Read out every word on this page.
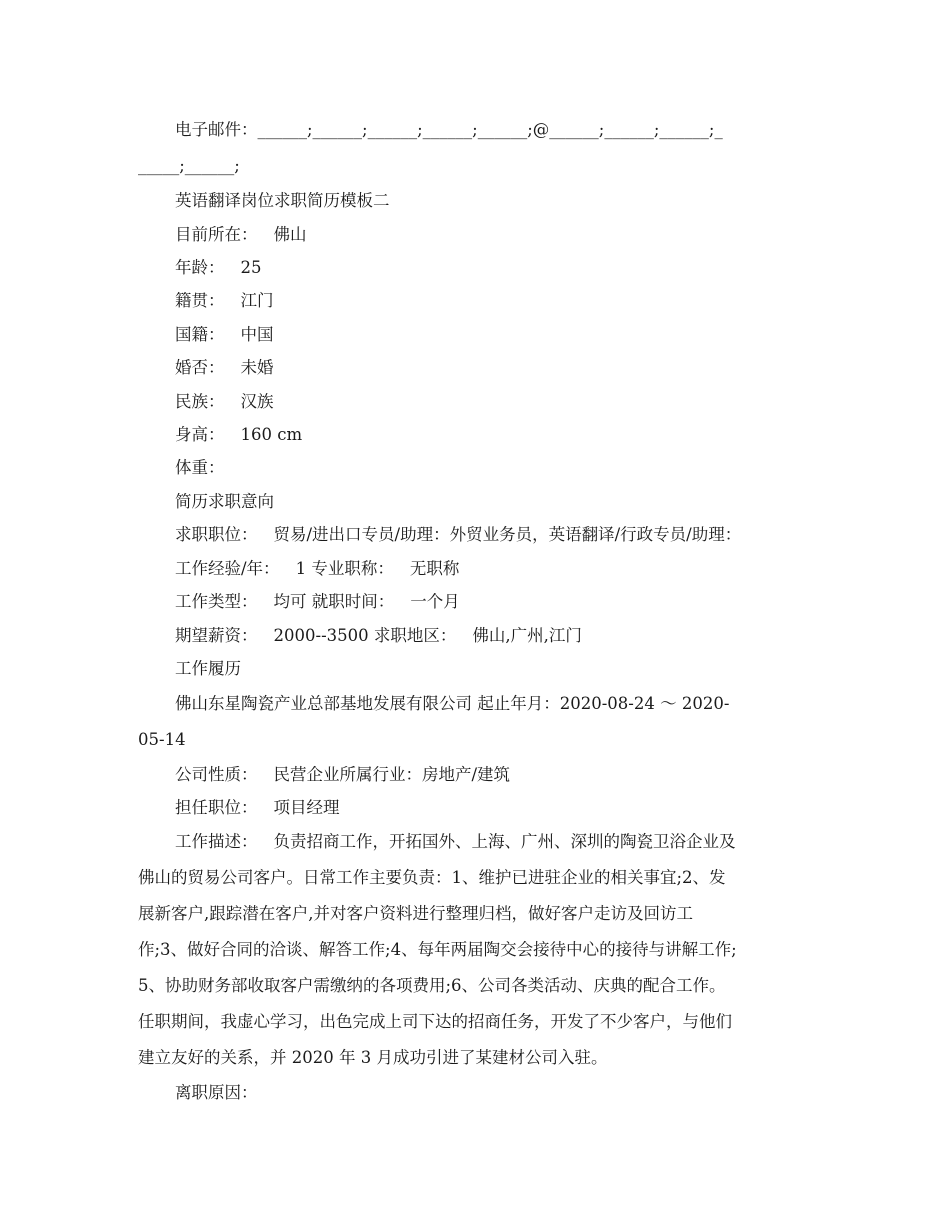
电子邮件：______;______;______;______;______;@______;______;______;_
_____;______;
英语翻译岗位求职简历模板二
目前所在： 佛山
年龄： 25
籍贯： 江门
国籍： 中国
婚否： 未婚
民族： 汉族
身高： 160 cm
体重：
简历求职意向
求职职位： 贸易/进出口专员/助理：外贸业务员，英语翻译/行政专员/助理：
工作经验/年： 1 专业职称： 无职称
工作类型： 均可 就职时间： 一个月
期望薪资： 2000--3500 求职地区： 佛山,广州,江门
工作履历
佛山东星陶瓷产业总部基地发展有限公司 起止年月：2020-08-24 ～ 2020-
05-14
公司性质： 民营企业所属行业：房地产/建筑
担任职位： 项目经理
工作描述： 负责招商工作，开拓国外、上海、广州、深圳的陶瓷卫浴企业及
佛山的贸易公司客户。日常工作主要负责：1、维护已进驻企业的相关事宜;2、发
展新客户,跟踪潜在客户,并对客户资料进行整理归档，做好客户走访及回访工
作;3、做好合同的洽谈、解答工作;4、每年两届陶交会接待中心的接待与讲解工作;
5、协助财务部收取客户需缴纳的各项费用;6、公司各类活动、庆典的配合工作。
任职期间，我虚心学习，出色完成上司下达的招商任务，开发了不少客户，与他们
建立友好的关系，并 2020 年 3 月成功引进了某建材公司入驻。
离职原因：
